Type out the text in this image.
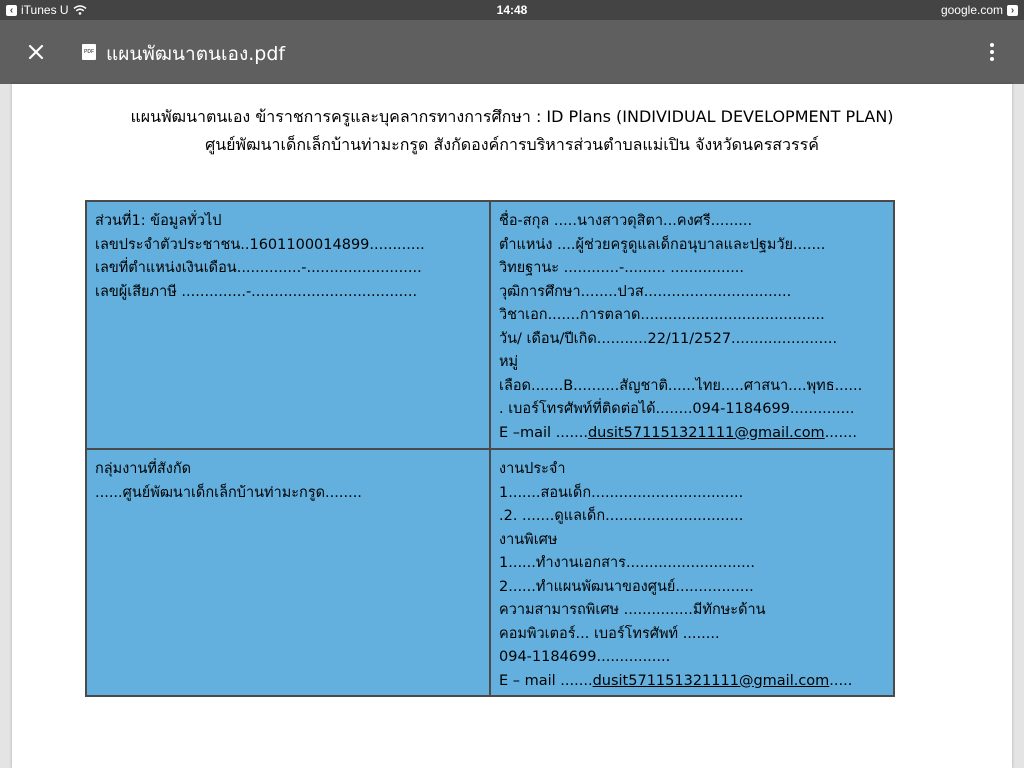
‹ iTunes U	14:48	google.com ›
PDF แผนพัฒนาตนเอง.pdf
แผนพัฒนาตนเอง ข้าราชการครูและบุคลากรทางการศึกษา : ID Plans (INDIVIDUAL DEVELOPMENT PLAN)
ศูนย์พัฒนาเด็กเล็กบ้านท่ามะกรูด สังกัดองค์การบริหารส่วนตำบลแม่เปิน จังหวัดนครสวรรค์
ส่วนที่1: ข้อมูลทั่วไป
เลขประจำตัวประชาชน..1601100014899............
เลขที่ตำแหน่งเงินเดือน..............-.........................
เลขผู้เสียภาษี ..............-....................................
ชื่อ-สกุล .....นางสาวดุสิตา...คงศรี.........
ตำแหน่ง ....ผู้ช่วยครูดูแลเด็กอนุบาลและปฐมวัย.......
วิทยฐานะ ............-......... ................
วุฒิการศึกษา........ปวส................................
วิชาเอก.......การตลาด........................................
วัน/ เดือน/ปีเกิด...........22/11/2527.......................
หมู่
เลือด.......B..........สัญชาติ......ไทย.....ศาสนา....พุทธ......
. เบอร์โทรศัพท์ที่ติดต่อได้........094-1184699..............
E –mail .......dusit571151321111@gmail.com.......
กลุ่มงานที่สังกัด
......ศูนย์พัฒนาเด็กเล็กบ้านท่ามะกรูด........
งานประจำ
1.......สอนเด็ก.................................
.2. .......ดูแลเด็ก..............................
งานพิเศษ
1......ทำงานเอกสาร............................
2......ทำแผนพัฒนาของศูนย์.................
ความสามารถพิเศษ ...............มีทักษะด้าน
คอมพิวเตอร์... เบอร์โทรศัพท์ ........
094-1184699................
E – mail .......dusit571151321111@gmail.com.....
